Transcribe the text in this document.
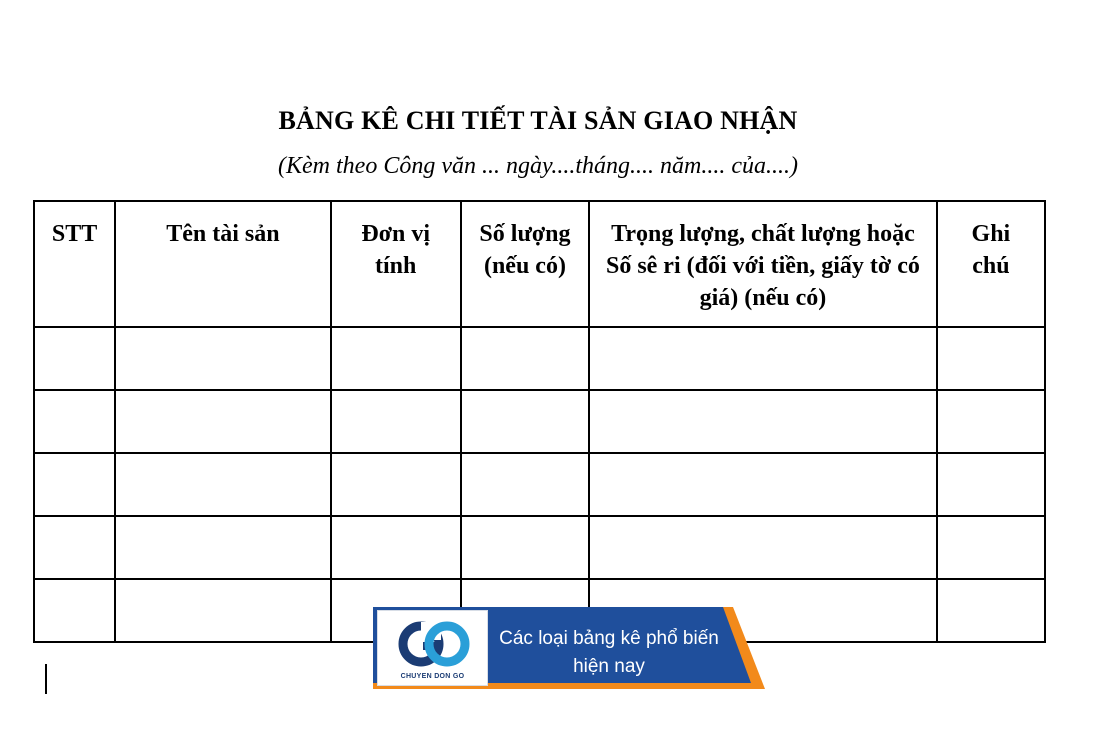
BẢNG KÊ CHI TIẾT TÀI SẢN GIAO NHẬN
(Kèm theo Công văn ... ngày....tháng.... năm.... của....)
STT	Tên tài sản	Đơn vị tính	Số lượng (nếu có)	Trọng lượng, chất lượng hoặc Số sê ri (đối với tiền, giấy tờ có giá) (nếu có)	Ghi chú

CHUYEN DON GO
Các loại bảng kê phổ biến hiện nay
